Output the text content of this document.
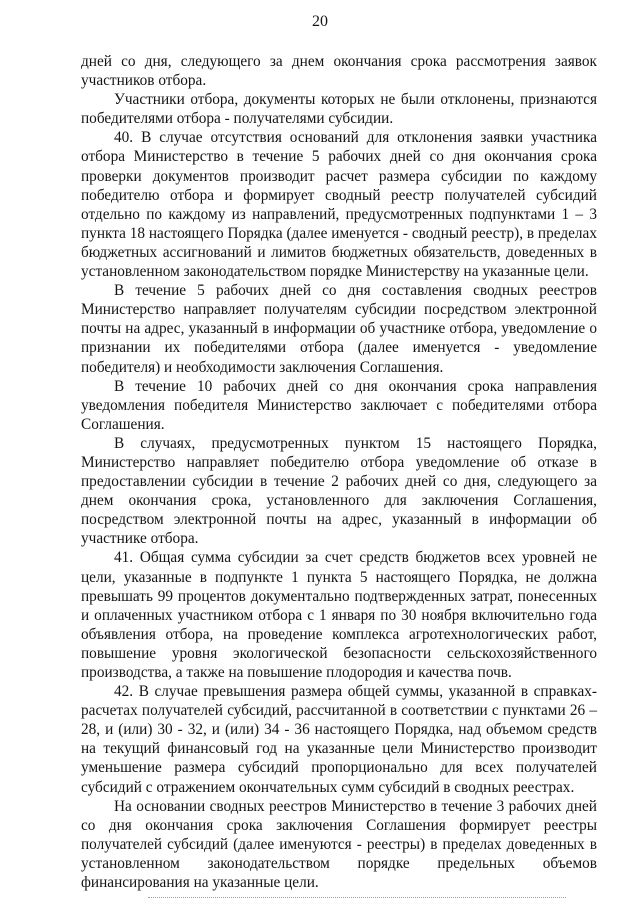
20

дней со дня, следующего за днем окончания срока рассмотрения заявок участников отбора.

Участники отбора, документы которых не были отклонены, признаются победителями отбора - получателями субсидии.

40. В случае отсутствия оснований для отклонения заявки участника отбора Министерство в течение 5 рабочих дней со дня окончания срока проверки документов производит расчет размера субсидии по каждому победителю отбора и формирует сводный реестр получателей субсидий отдельно по каждому из направлений, предусмотренных подпунктами 1 – 3 пункта 18 настоящего Порядка (далее именуется - сводный реестр), в пределах бюджетных ассигнований и лимитов бюджетных обязательств, доведенных в установленном законодательством порядке Министерству на указанные цели.

В течение 5 рабочих дней со дня составления сводных реестров Министерство направляет получателям субсидии посредством электронной почты на адрес, указанный в информации об участнике отбора, уведомление о признании их победителями отбора (далее именуется - уведомление победителя) и необходимости заключения Соглашения.

В течение 10 рабочих дней со дня окончания срока направления уведомления победителя Министерство заключает с победителями отбора Соглашения.

В случаях, предусмотренных пунктом 15 настоящего Порядка, Министерство направляет победителю отбора уведомление об отказе в предоставлении субсидии в течение 2 рабочих дней со дня, следующего за днем окончания срока, установленного для заключения Соглашения, посредством электронной почты на адрес, указанный в информации об участнике отбора.

41. Общая сумма субсидии за счет средств бюджетов всех уровней не цели, указанные в подпункте 1 пункта 5 настоящего Порядка, не должна превышать 99 процентов документально подтвержденных затрат, понесенных и оплаченных участником отбора с 1 января по 30 ноября включительно года объявления отбора, на проведение комплекса агротехнологических работ, повышение уровня экологической безопасности сельскохозяйственного производства, а также на повышение плодородия и качества почв.

42. В случае превышения размера общей суммы, указанной в справках-расчетах получателей субсидий, рассчитанной в соответствии с пунктами 26 – 28, и (или) 30 - 32, и (или) 34 - 36 настоящего Порядка, над объемом средств на текущий финансовый год на указанные цели Министерство производит уменьшение размера субсидий пропорционально для всех получателей субсидий с отражением окончательных сумм субсидий в сводных реестрах.

На основании сводных реестров Министерство в течение 3 рабочих дней со дня окончания срока заключения Соглашения формирует реестры получателей субсидий (далее именуются - реестры) в пределах доведенных в установленном законодательством порядке предельных объемов финансирования на указанные цели.
